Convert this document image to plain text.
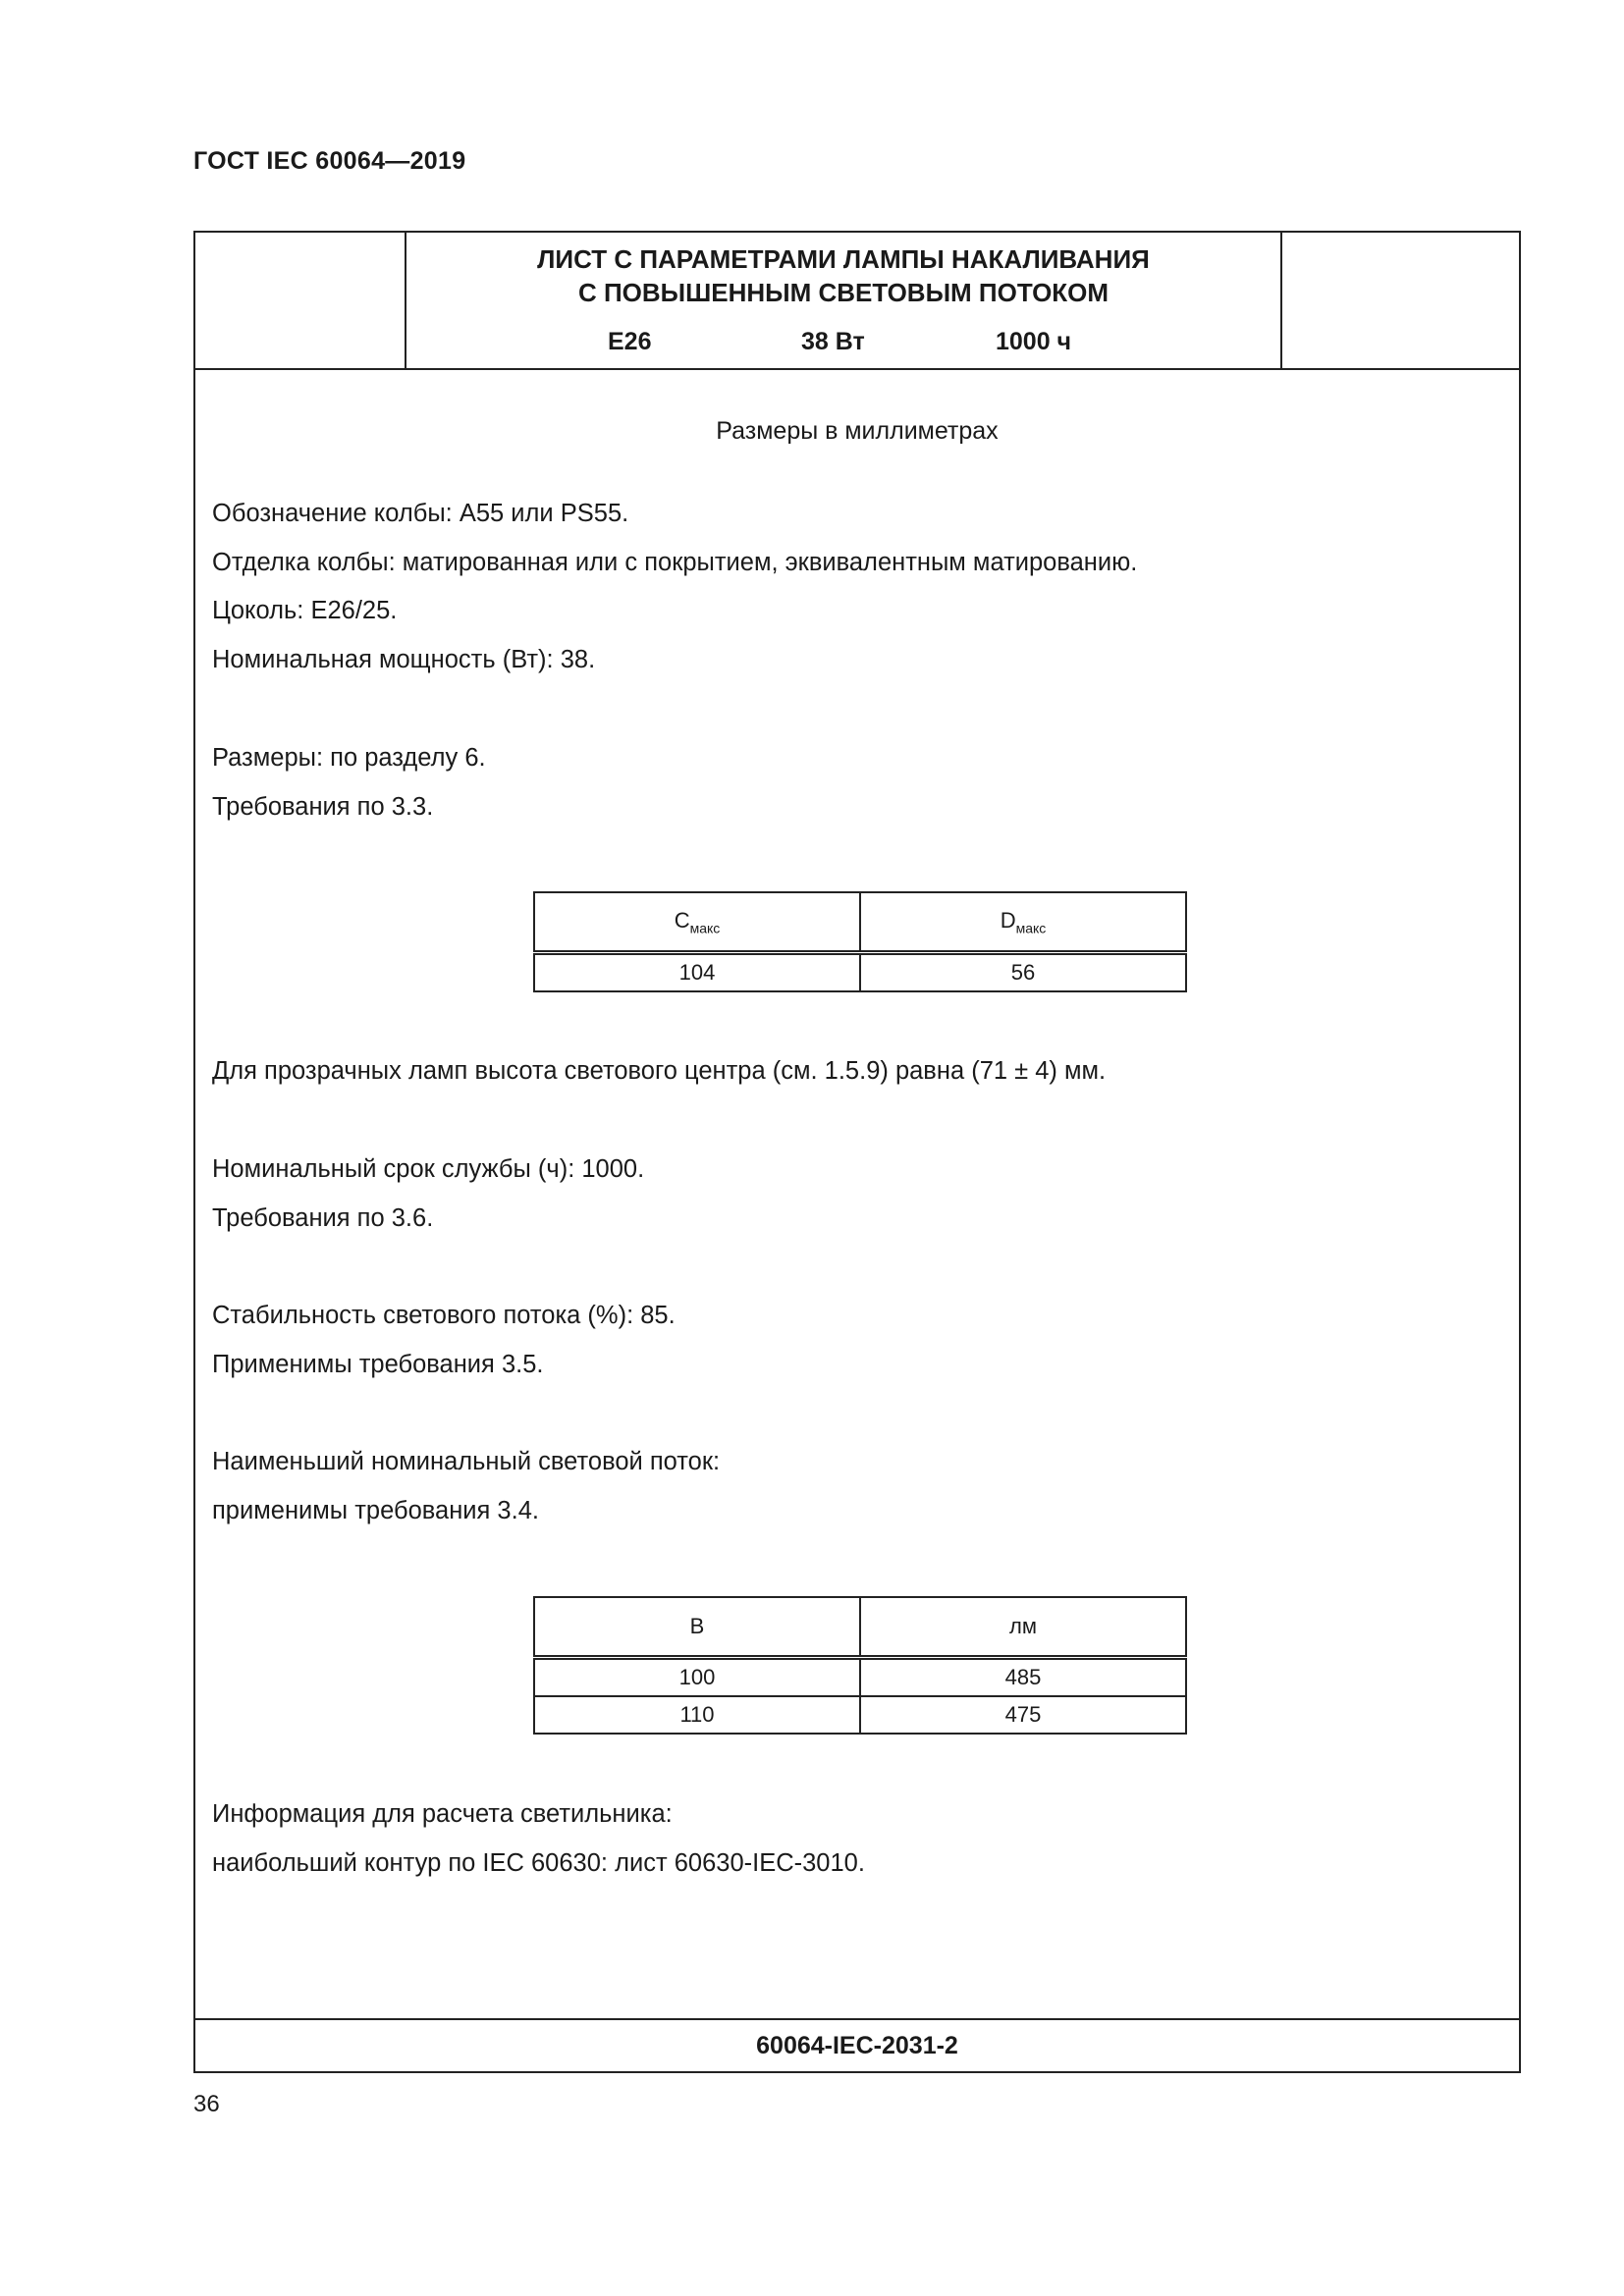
ГОСТ IEC 60064—2019
ЛИСТ С ПАРАМЕТРАМИ ЛАМПЫ НАКАЛИВАНИЯ
С ПОВЫШЕННЫМ СВЕТОВЫМ ПОТОКОМ
E26	38 Вт	1000 ч
Размеры в миллиметрах
Обозначение колбы: A55 или PS55.
Отделка колбы: матированная или с покрытием, эквивалентным матированию.
Цоколь: E26/25.
Номинальная мощность (Вт): 38.
Размеры: по разделу 6.
Требования по 3.3.
$C_{макс}$	$D_{макс}$
104	56
Для прозрачных ламп высота светового центра (см. 1.5.9) равна (71 ± 4) мм.
Номинальный срок службы (ч): 1000.
Требования по 3.6.
Стабильность светового потока (%): 85.
Применимы требования 3.5.
Наименьший номинальный световой поток:
применимы требования 3.4.
В	лм
100	485
110	475
Информация для расчета светильника:
наибольший контур по IEC 60630: лист 60630-IEC-3010.
60064-IEC-2031-2
36
